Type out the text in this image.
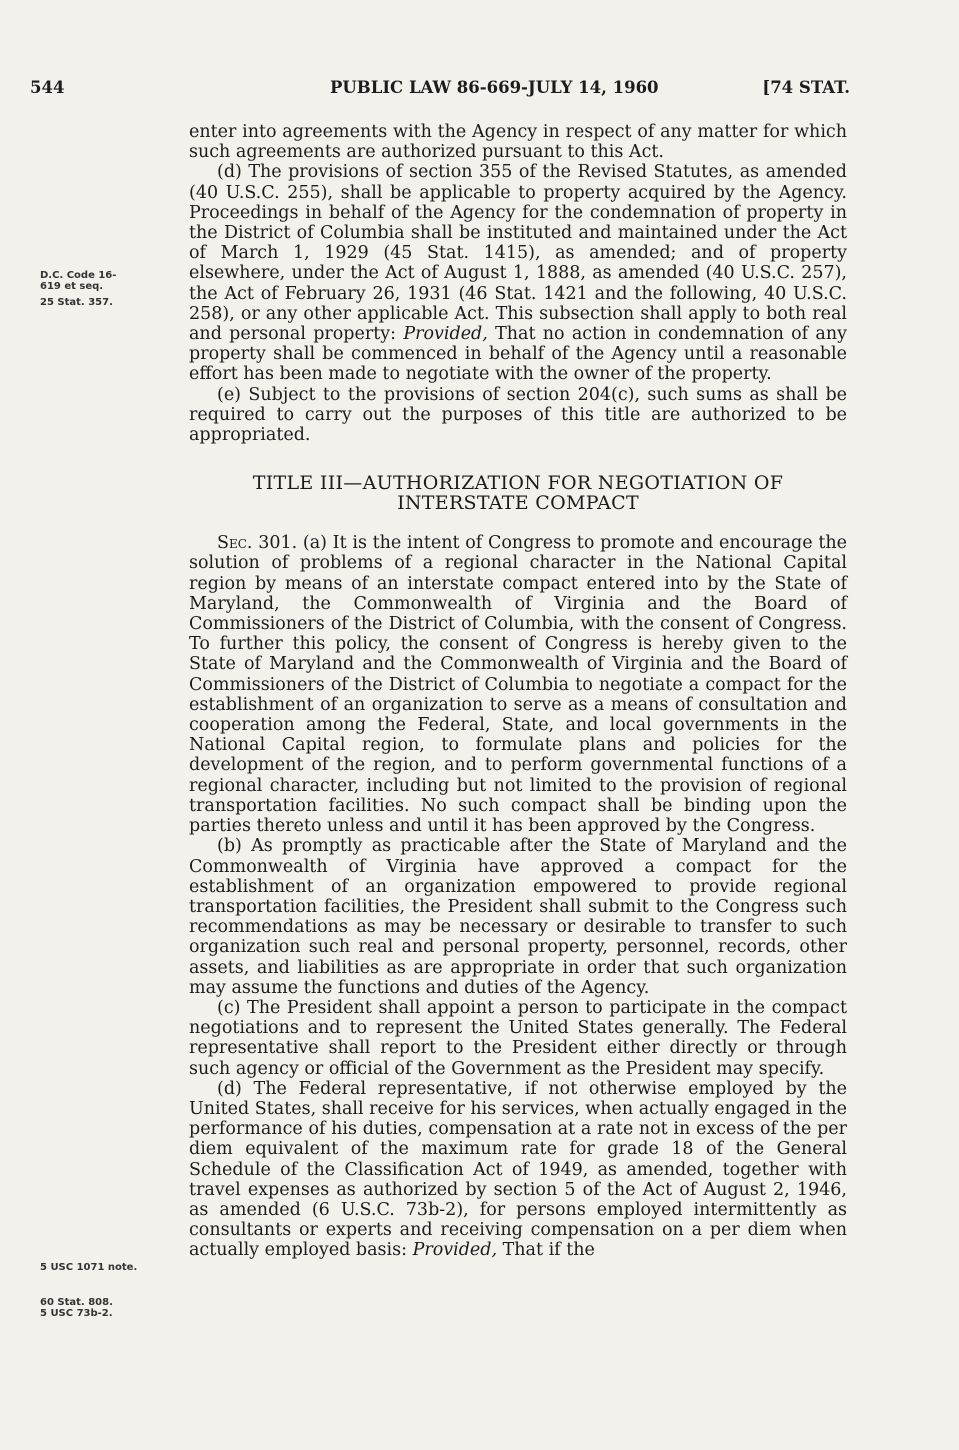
544	PUBLIC LAW 86-669-JULY 14, 1960	[74 STAT.
D.C. Code 16-
619 et seq.
25 Stat. 357.
5 USC 1071 note.
60 Stat. 808.
5 USC 73b-2.

enter into agreements with the Agency in respect of any matter for which such agreements are authorized pursuant to this Act.

(d) The provisions of section 355 of the Revised Statutes, as amended (40 U.S.C. 255), shall be applicable to property acquired by the Agency. Proceedings in behalf of the Agency for the condemnation of property in the District of Columbia shall be instituted and maintained under the Act of March 1, 1929 (45 Stat. 1415), as amended; and of property elsewhere, under the Act of August 1, 1888, as amended (40 U.S.C. 257), the Act of February 26, 1931 (46 Stat. 1421 and the following, 40 U.S.C. 258), or any other applicable Act. This subsection shall apply to both real and personal property: Provided, That no action in condemnation of any property shall be commenced in behalf of the Agency until a reasonable effort has been made to negotiate with the owner of the property.

(e) Subject to the provisions of section 204(c), such sums as shall be required to carry out the purposes of this title are authorized to be appropriated.

TITLE III—AUTHORIZATION FOR NEGOTIATION OF
INTERSTATE COMPACT

Sec. 301. (a) It is the intent of Congress to promote and encourage the solution of problems of a regional character in the National Capital region by means of an interstate compact entered into by the State of Maryland, the Commonwealth of Virginia and the Board of Commissioners of the District of Columbia, with the consent of Congress. To further this policy, the consent of Congress is hereby given to the State of Maryland and the Commonwealth of Virginia and the Board of Commissioners of the District of Columbia to negotiate a compact for the establishment of an organization to serve as a means of consultation and cooperation among the Federal, State, and local governments in the National Capital region, to formulate plans and policies for the development of the region, and to perform governmental functions of a regional character, including but not limited to the provision of regional transportation facilities. No such compact shall be binding upon the parties thereto unless and until it has been approved by the Congress.

(b) As promptly as practicable after the State of Maryland and the Commonwealth of Virginia have approved a compact for the establishment of an organization empowered to provide regional transportation facilities, the President shall submit to the Congress such recommendations as may be necessary or desirable to transfer to such organization such real and personal property, personnel, records, other assets, and liabilities as are appropriate in order that such organization may assume the functions and duties of the Agency.

(c) The President shall appoint a person to participate in the compact negotiations and to represent the United States generally. The Federal representative shall report to the President either directly or through such agency or official of the Government as the President may specify.

(d) The Federal representative, if not otherwise employed by the United States, shall receive for his services, when actually engaged in the performance of his duties, compensation at a rate not in excess of the per diem equivalent of the maximum rate for grade 18 of the General Schedule of the Classification Act of 1949, as amended, together with travel expenses as authorized by section 5 of the Act of August 2, 1946, as amended (6 U.S.C. 73b-2), for persons employed intermittently as consultants or experts and receiving compensation on a per diem when actually employed basis: Provided, That if the
